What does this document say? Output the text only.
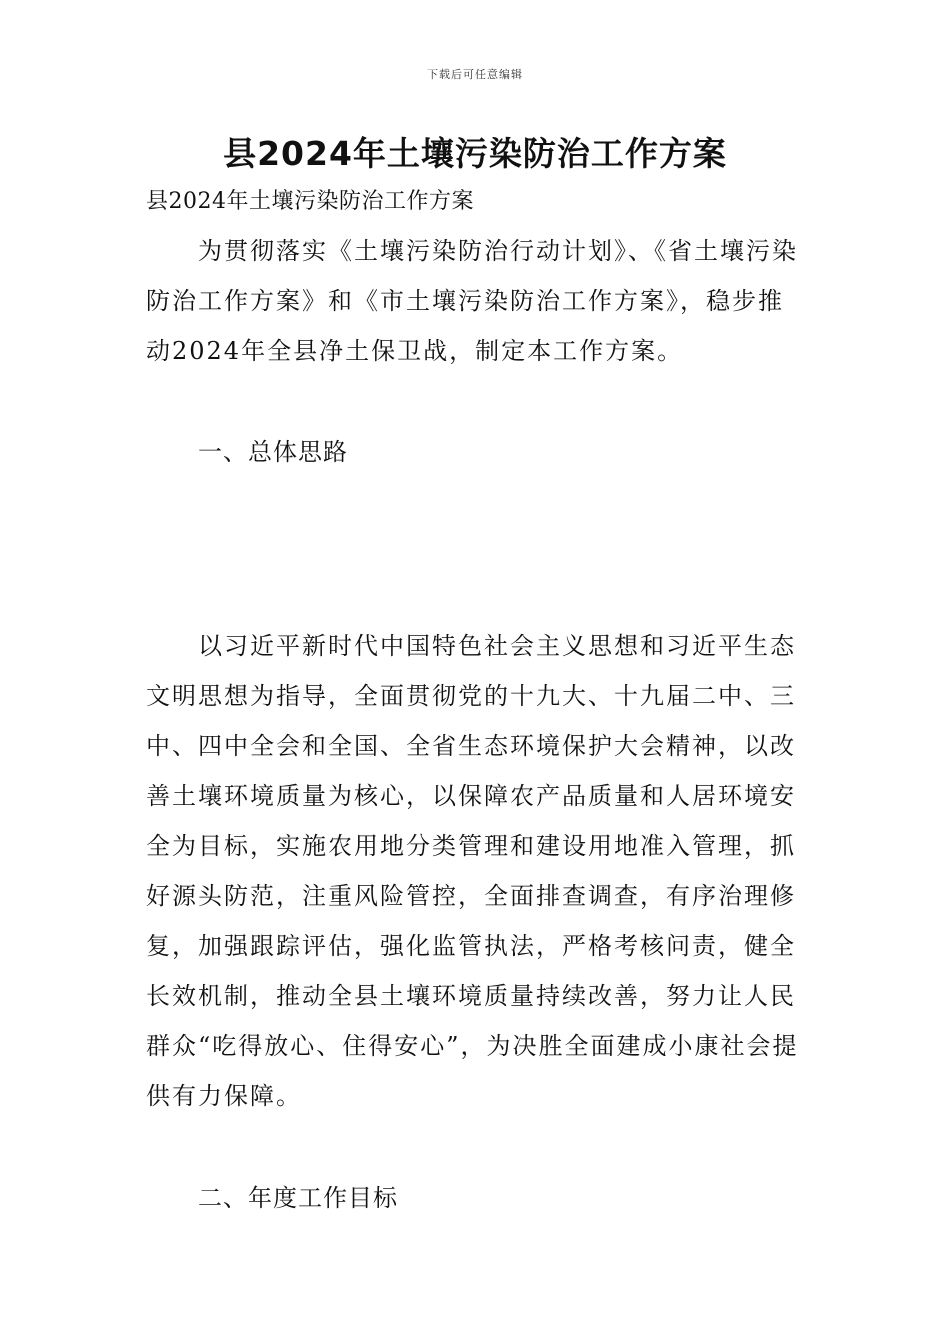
下载后可任意编辑
县2024年土壤污染防治工作方案
县2024年土壤污染防治工作方案

为贯彻落实《土壤污染防治行动计划》、《省土壤污染防治工作方案》和《市土壤污染防治工作方案》，稳步推动2024年全县净土保卫战，制定本工作方案。

一、总体思路

以习近平新时代中国特色社会主义思想和习近平生态文明思想为指导，全面贯彻党的十九大、十九届二中、三中、四中全会和全国、全省生态环境保护大会精神，以改善土壤环境质量为核心，以保障农产品质量和人居环境安全为目标，实施农用地分类管理和建设用地准入管理，抓好源头防范，注重风险管控，全面排查调查，有序治理修复，加强跟踪评估，强化监管执法，严格考核问责，健全长效机制，推动全县土壤环境质量持续改善，努力让人民群众“吃得放心、住得安心”，为决胜全面建成小康社会提供有力保障。

二、年度工作目标
